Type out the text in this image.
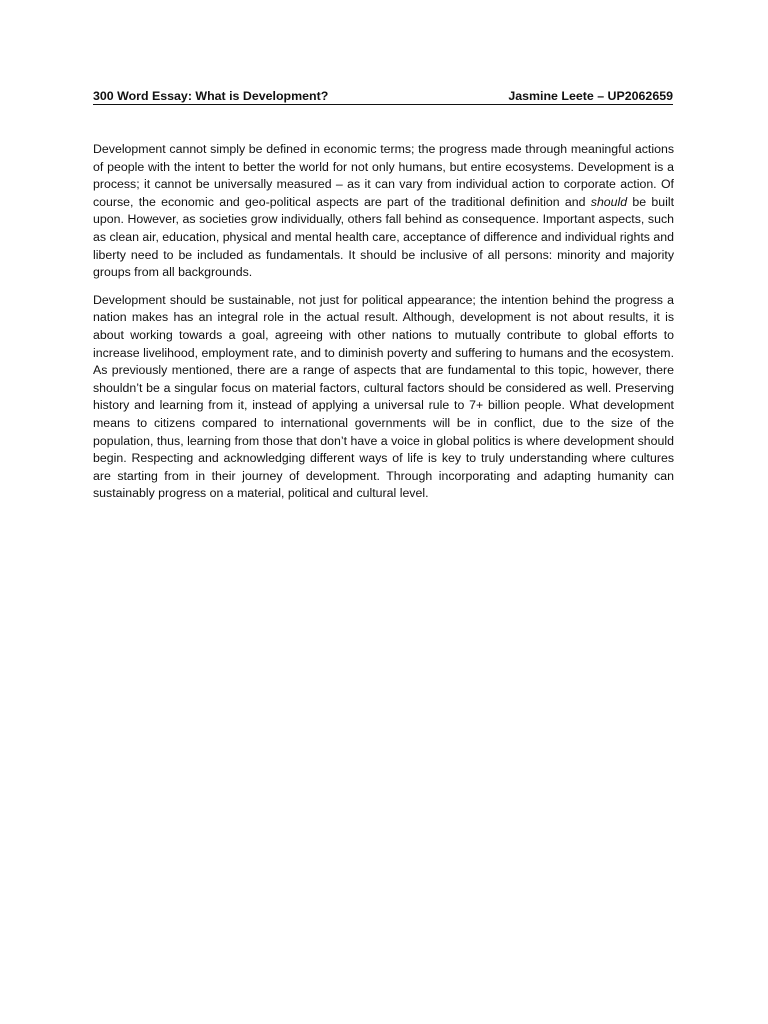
300 Word Essay: What is Development?	Jasmine Leete – UP2062659

Development cannot simply be defined in economic terms; the progress made through meaningful actions of people with the intent to better the world for not only humans, but entire ecosystems. Development is a process; it cannot be universally measured – as it can vary from individual action to corporate action. Of course, the economic and geo-political aspects are part of the traditional definition and should be built upon. However, as societies grow individually, others fall behind as consequence. Important aspects, such as clean air, education, physical and mental health care, acceptance of difference and individual rights and liberty need to be included as fundamentals. It should be inclusive of all persons: minority and majority groups from all backgrounds.

Development should be sustainable, not just for political appearance; the intention behind the progress a nation makes has an integral role in the actual result. Although, development is not about results, it is about working towards a goal, agreeing with other nations to mutually contribute to global efforts to increase livelihood, employment rate, and to diminish poverty and suffering to humans and the ecosystem. As previously mentioned, there are a range of aspects that are fundamental to this topic, however, there shouldn’t be a singular focus on material factors, cultural factors should be considered as well. Preserving history and learning from it, instead of applying a universal rule to 7+ billion people. What development means to citizens compared to international governments will be in conflict, due to the size of the population, thus, learning from those that don’t have a voice in global politics is where development should begin. Respecting and acknowledging different ways of life is key to truly understanding where cultures are starting from in their journey of development. Through incorporating and adapting humanity can sustainably progress on a material, political and cultural level.
